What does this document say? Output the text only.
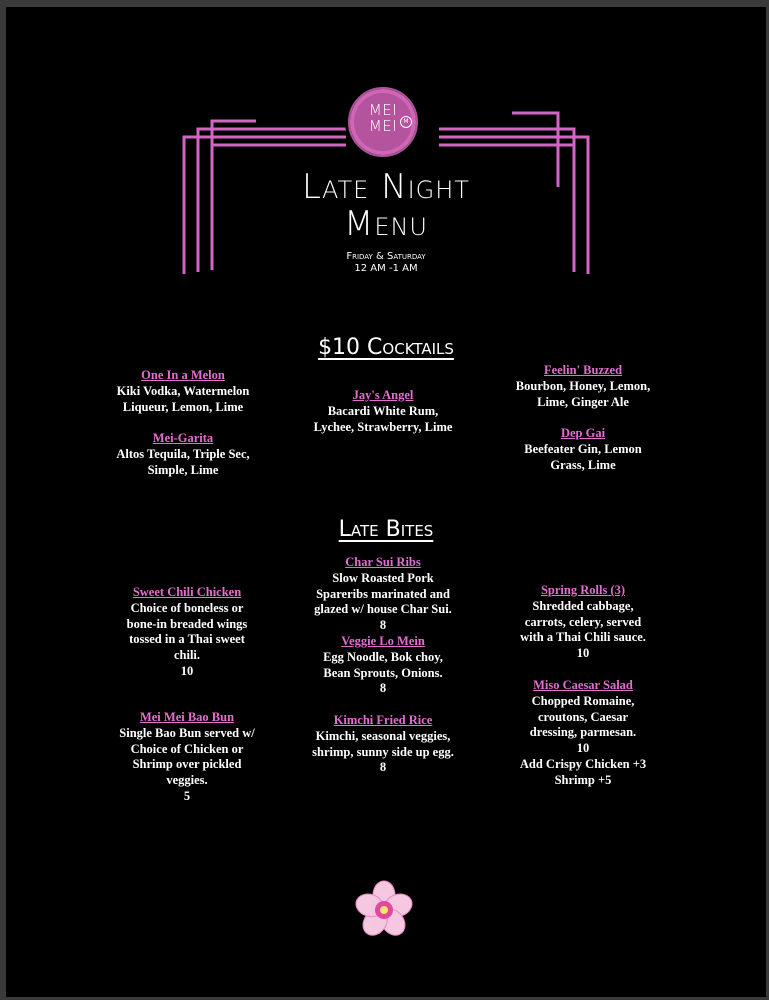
MEI
MEI	M
Late Night
Menu
Friday & Saturday
12 AM -1 AM
$10 Cocktails
One In a Melon
Kiki Vodka, Watermelon
Liqueur, Lemon, Lime
Mei-Garita
Altos Tequila, Triple Sec,
Simple, Lime
Jay's Angel
Bacardi White Rum,
Lychee, Strawberry, Lime
Feelin' Buzzed
Bourbon, Honey, Lemon,
Lime, Ginger Ale
Dep Gai
Beefeater Gin, Lemon
Grass, Lime
Late Bites
Sweet Chili Chicken
Choice of boneless or
bone-in breaded wings
tossed in a Thai sweet
chili.
10
Mei Mei Bao Bun
Single Bao Bun served w/
Choice of Chicken or
Shrimp over pickled
veggies.
5
Char Sui Ribs
Slow Roasted Pork
Spareribs marinated and
glazed w/ house Char Sui.
8
Veggie Lo Mein
Egg Noodle, Bok choy,
Bean Sprouts, Onions.
8
Kimchi Fried Rice
Kimchi, seasonal veggies,
shrimp, sunny side up egg.
8
Spring Rolls (3)
Shredded cabbage,
carrots, celery, served
with a Thai Chili sauce.
10
Miso Caesar Salad
Chopped Romaine,
croutons, Caesar
dressing, parmesan.
10
Add Crispy Chicken +3
Shrimp +5
